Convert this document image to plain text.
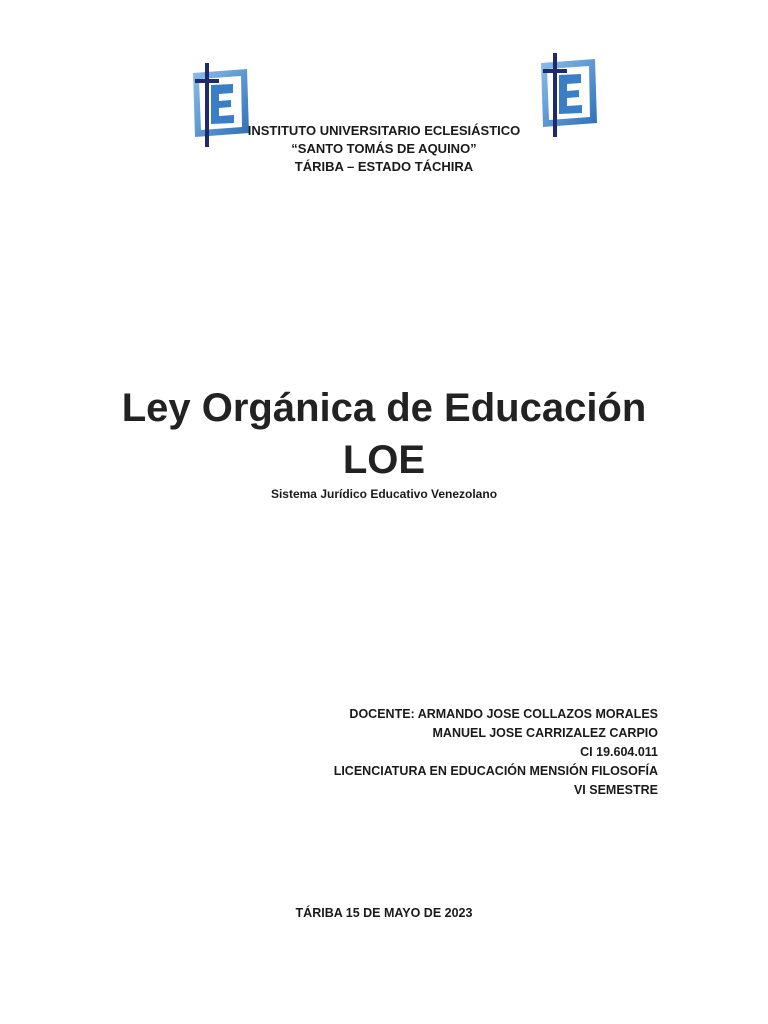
INSTITUTO UNIVERSITARIO ECLESIÁSTICO
“SANTO TOMÁS DE AQUINO”
TÁRIBA – ESTADO TÁCHIRA
Ley Orgánica de Educación
LOE
Sistema Jurídico Educativo Venezolano
DOCENTE: ARMANDO JOSE COLLAZOS MORALES
MANUEL JOSE CARRIZALEZ CARPIO
CI 19.604.011
LICENCIATURA EN EDUCACIÓN MENSIÓN FILOSOFÍA
VI SEMESTRE
TÁRIBA 15 DE MAYO DE 2023
